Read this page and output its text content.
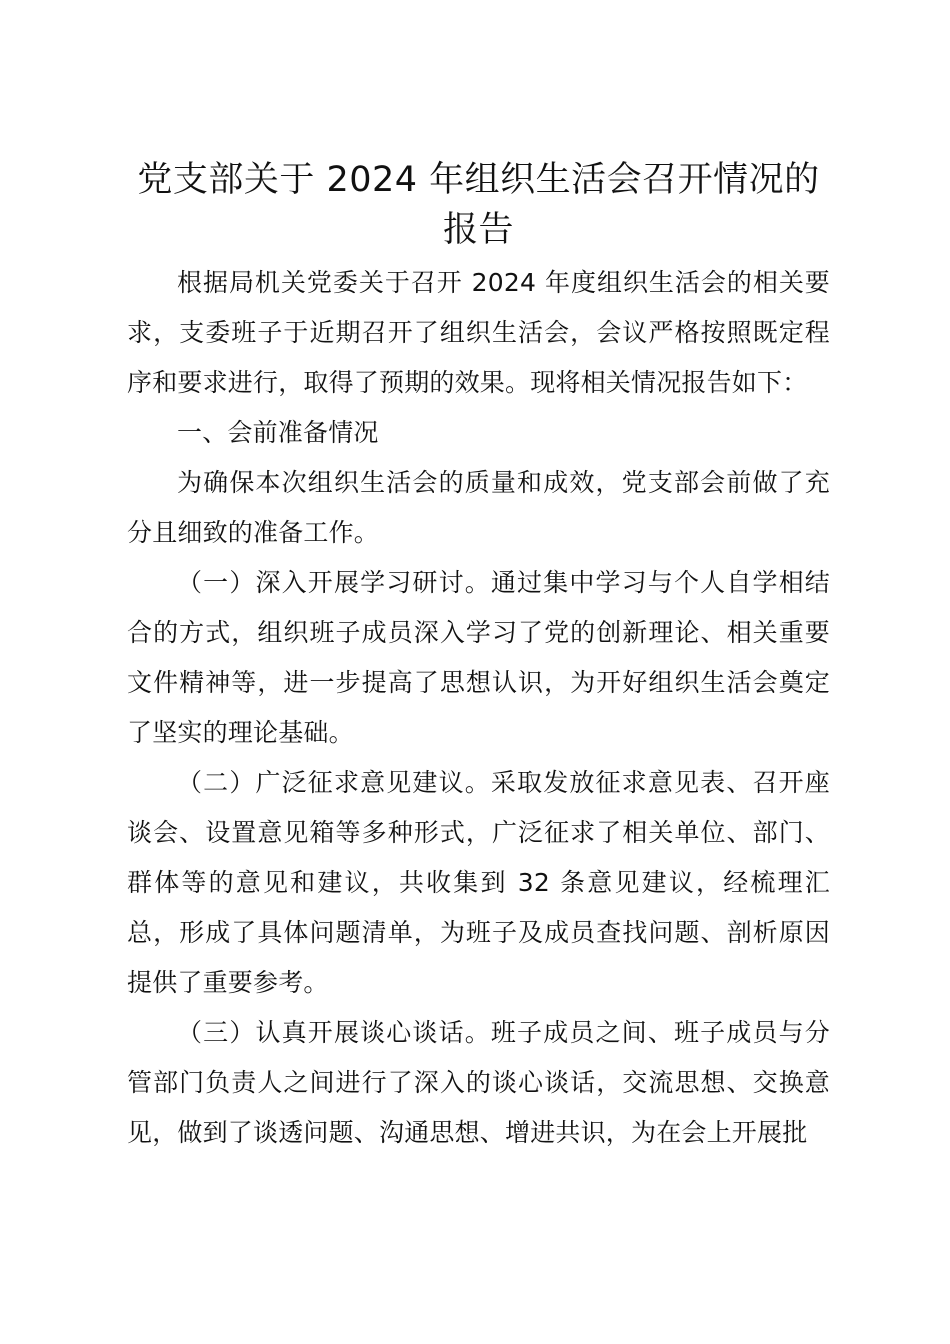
党支部关于 2024 年组织生活会召开情况的报告

根据局机关党委关于召开 2024 年度组织生活会的相关要求，支委班子于近期召开了组织生活会，会议严格按照既定程序和要求进行，取得了预期的效果。现将相关情况报告如下：

一、会前准备情况

为确保本次组织生活会的质量和成效，党支部会前做了充分且细致的准备工作。

（一）深入开展学习研讨。通过集中学习与个人自学相结合的方式，组织班子成员深入学习了党的创新理论、相关重要文件精神等，进一步提高了思想认识，为开好组织生活会奠定了坚实的理论基础。

（二）广泛征求意见建议。采取发放征求意见表、召开座谈会、设置意见箱等多种形式，广泛征求了相关单位、部门、群体等的意见和建议，共收集到 32 条意见建议，经梳理汇总，形成了具体问题清单，为班子及成员查找问题、剖析原因提供了重要参考。

（三）认真开展谈心谈话。班子成员之间、班子成员与分管部门负责人之间进行了深入的谈心谈话，交流思想、交换意见，做到了谈透问题、沟通思想、增进共识，为在会上开展批
